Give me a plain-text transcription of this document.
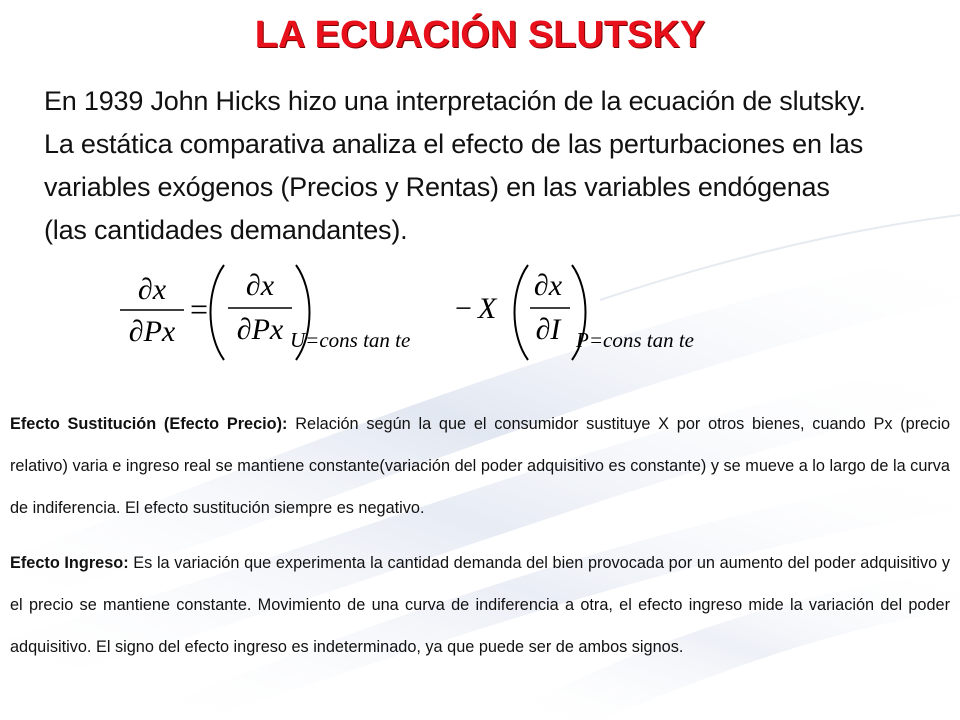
LA ECUACIÓN SLUTSKY

En 1939 John Hicks hizo una interpretación de la ecuación de slutsky.
La estática comparativa analiza el efecto de las perturbaciones en las
variables exógenos (Precios y Rentas) en las variables endógenas
(las cantidades demandantes).

∂x
∂Px
=
∂x
∂Px U=cons tan te
− X
∂x
∂I P=cons tan te

Efecto Sustitución (Efecto Precio): Relación según la que el consumidor sustituye X por otros bienes, cuando Px (precio relativo) varia e ingreso real se mantiene constante(variación del poder adquisitivo es constante) y se mueve a lo largo de la curva de indiferencia. El efecto sustitución siempre es negativo.

Efecto Ingreso: Es la variación que experimenta la cantidad demanda del bien provocada por un aumento del poder adquisitivo y el precio se mantiene constante. Movimiento de una curva de indiferencia a otra, el efecto ingreso mide la variación del poder adquisitivo. El signo del efecto ingreso es indeterminado, ya que puede ser de ambos signos.
